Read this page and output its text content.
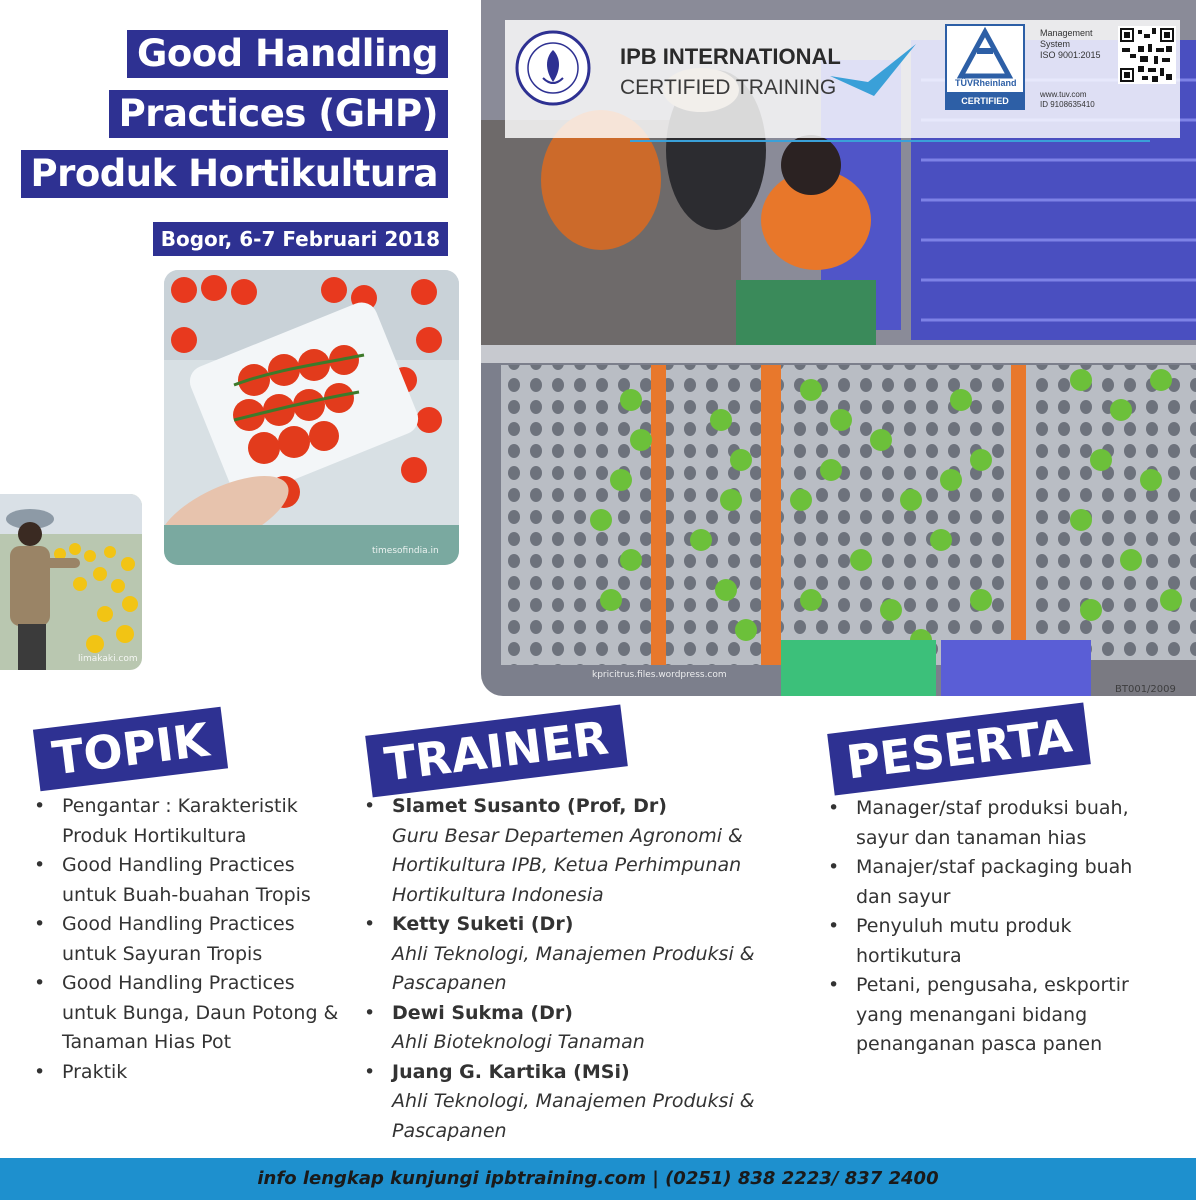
kpricitrus.files.wordpress.com
BT001/2009
IPB INTERNATIONAL
CERTIFIED TRAINING	TÜVRheinland
CERTIFIED
Management
System
ISO 9001:2015
www.tuv.com
ID 9108635410
Good Handling
Practices (GHP)
Produk Hortikultura
Bogor, 6-7 Februari 2018
timesofindia.in
limakaki.com
TOPIK
• Pengantar : Karakteristik Produk Hortikultura
• Good Handling Practices untuk Buah-buahan Tropis
• Good Handling Practices untuk Sayuran Tropis
• Good Handling Practices untuk Bunga, Daun Potong & Tanaman Hias Pot
• Praktik
TRAINER
• Slamet Susanto (Prof, Dr)
Guru Besar Departemen Agronomi & Hortikultura IPB, Ketua Perhimpunan Hortikultura Indonesia
• Ketty Suketi (Dr)
Ahli Teknologi, Manajemen Produksi & Pascapanen
• Dewi Sukma (Dr)
Ahli Bioteknologi Tanaman
• Juang G. Kartika (MSi)
Ahli Teknologi, Manajemen Produksi & Pascapanen
PESERTA
• Manager/staf produksi buah, sayur dan tanaman hias
• Manajer/staf packaging buah dan sayur
• Penyuluh mutu produk hortikutura
• Petani, pengusaha, eskportir yang menangani bidang penanganan pasca panen
info lengkap kunjungi ipbtraining.com | (0251) 838 2223/ 837 2400
